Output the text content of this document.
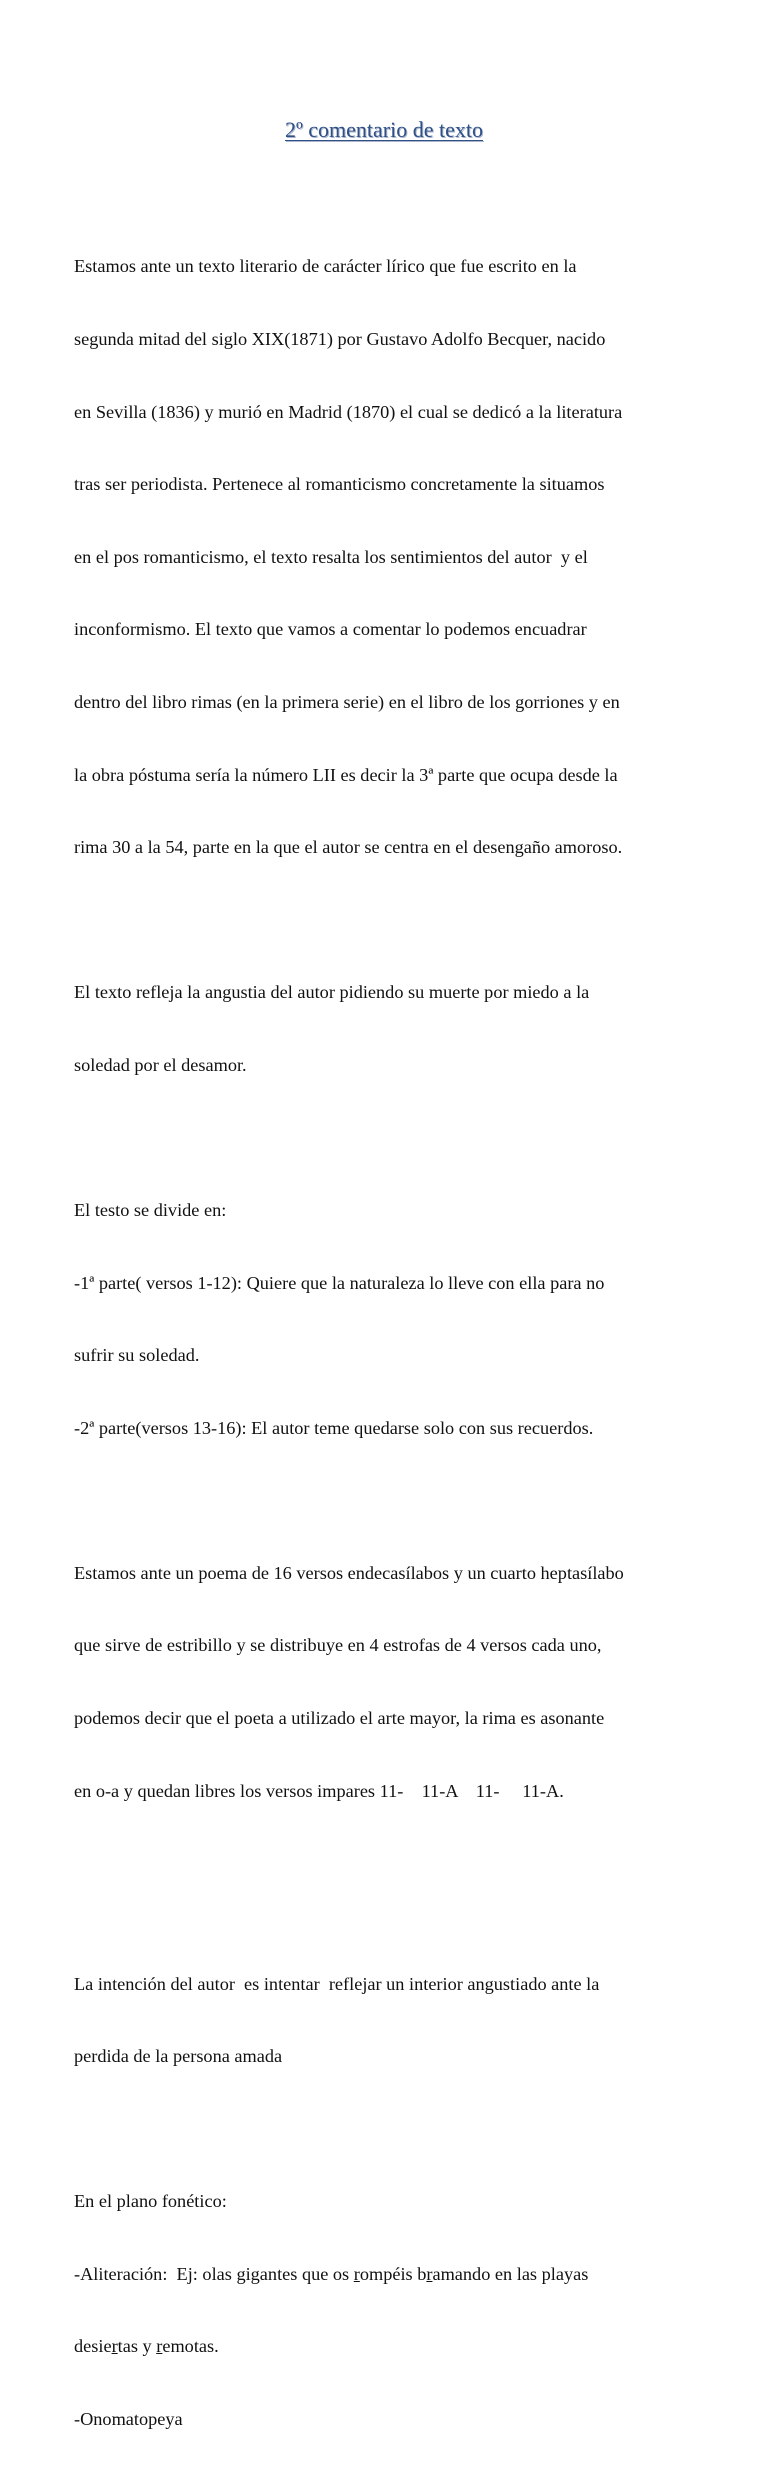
2º comentario de texto

Estamos ante un texto literario de carácter lírico que fue escrito en la

segunda mitad del siglo XIX(1871) por Gustavo Adolfo Becquer, nacido

en Sevilla (1836) y murió en Madrid (1870) el cual se dedicó a la literatura

tras ser periodista. Pertenece al romanticismo concretamente la situamos

en el pos romanticismo, el texto resalta los sentimientos del autor  y el

inconformismo. El texto que vamos a comentar lo podemos encuadrar

dentro del libro rimas (en la primera serie) en el libro de los gorriones y en

la obra póstuma sería la número LII es decir la 3ª parte que ocupa desde la

rima 30 a la 54, parte en la que el autor se centra en el desengaño amoroso.

El texto refleja la angustia del autor pidiendo su muerte por miedo a la

soledad por el desamor.

El testo se divide en:

-1ª parte( versos 1-12): Quiere que la naturaleza lo lleve con ella para no

sufrir su soledad.

-2ª parte(versos 13-16): El autor teme quedarse solo con sus recuerdos.

Estamos ante un poema de 16 versos endecasílabos y un cuarto heptasílabo

que sirve de estribillo y se distribuye en 4 estrofas de 4 versos cada uno,

podemos decir que el poeta a utilizado el arte mayor, la rima es asonante

en o-a y quedan libres los versos impares 11-    11-A    11-     11-A.

La intención del autor  es intentar  reflejar un interior angustiado ante la

perdida de la persona amada

En el plano fonético:

-Aliteración:  Ej: olas gigantes que os rompéis bramando en las playas

desiertas y remotas.

-Onomatopeya
